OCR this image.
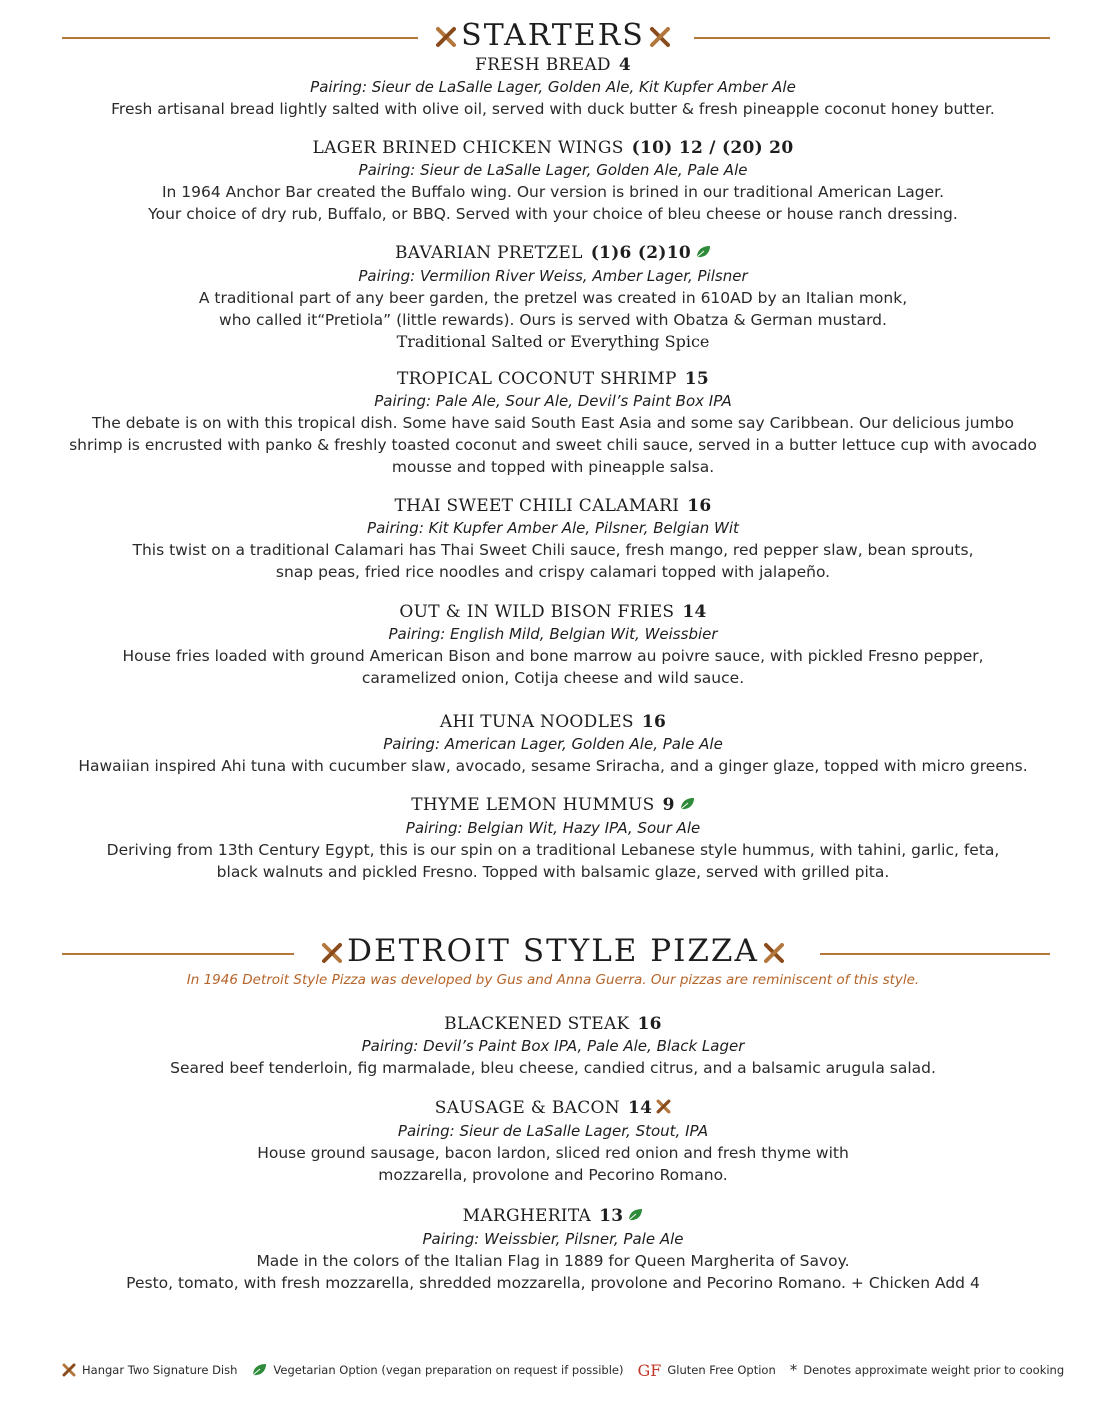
STARTERS
FRESH BREAD 4
Pairing: Sieur de LaSalle Lager, Golden Ale, Kit Kupfer Amber Ale
Fresh artisanal bread lightly salted with olive oil, served with duck butter & fresh pineapple coconut honey butter.
LAGER BRINED CHICKEN WINGS (10) 12 / (20) 20
Pairing: Sieur de LaSalle Lager, Golden Ale, Pale Ale
In 1964 Anchor Bar created the Buffalo wing. Our version is brined in our traditional American Lager.
Your choice of dry rub, Buffalo, or BBQ. Served with your choice of bleu cheese or house ranch dressing.
BAVARIAN PRETZEL (1)6 (2)10
Pairing: Vermilion River Weiss, Amber Lager, Pilsner
A traditional part of any beer garden, the pretzel was created in 610AD by an Italian monk,
who called it“Pretiola” (little rewards). Ours is served with Obatza & German mustard.
Traditional Salted or Everything Spice
TROPICAL COCONUT SHRIMP 15
Pairing: Pale Ale, Sour Ale, Devil’s Paint Box IPA
The debate is on with this tropical dish. Some have said South East Asia and some say Caribbean. Our delicious jumbo
shrimp is encrusted with panko & freshly toasted coconut and sweet chili sauce, served in a butter lettuce cup with avocado
mousse and topped with pineapple salsa.
THAI SWEET CHILI CALAMARI 16
Pairing: Kit Kupfer Amber Ale, Pilsner, Belgian Wit
This twist on a traditional Calamari has Thai Sweet Chili sauce, fresh mango, red pepper slaw, bean sprouts,
snap peas, fried rice noodles and crispy calamari topped with jalapeño.
OUT & IN WILD BISON FRIES 14
Pairing: English Mild, Belgian Wit, Weissbier
House fries loaded with ground American Bison and bone marrow au poivre sauce, with pickled Fresno pepper,
caramelized onion, Cotija cheese and wild sauce.
AHI TUNA NOODLES 16
Pairing: American Lager, Golden Ale, Pale Ale
Hawaiian inspired Ahi tuna with cucumber slaw, avocado, sesame Sriracha, and a ginger glaze, topped with micro greens.
THYME LEMON HUMMUS 9
Pairing: Belgian Wit, Hazy IPA, Sour Ale
Deriving from 13th Century Egypt, this is our spin on a traditional Lebanese style hummus, with tahini, garlic, feta,
black walnuts and pickled Fresno. Topped with balsamic glaze, served with grilled pita.
DETROIT STYLE PIZZA
In 1946 Detroit Style Pizza was developed by Gus and Anna Guerra. Our pizzas are reminiscent of this style.
BLACKENED STEAK 16
Pairing: Devil’s Paint Box IPA, Pale Ale, Black Lager
Seared beef tenderloin, fig marmalade, bleu cheese, candied citrus, and a balsamic arugula salad.
SAUSAGE & BACON 14
Pairing: Sieur de LaSalle Lager, Stout, IPA
House ground sausage, bacon lardon, sliced red onion and fresh thyme with
mozzarella, provolone and Pecorino Romano.
MARGHERITA 13
Pairing: Weissbier, Pilsner, Pale Ale
Made in the colors of the Italian Flag in 1889 for Queen Margherita of Savoy.
Pesto, tomato, with fresh mozzarella, shredded mozzarella, provolone and Pecorino Romano. + Chicken Add 4
Hangar Two Signature Dish	Vegetarian Option (vegan preparation on request if possible) GF Gluten Free Option * Denotes approximate weight prior to cooking
